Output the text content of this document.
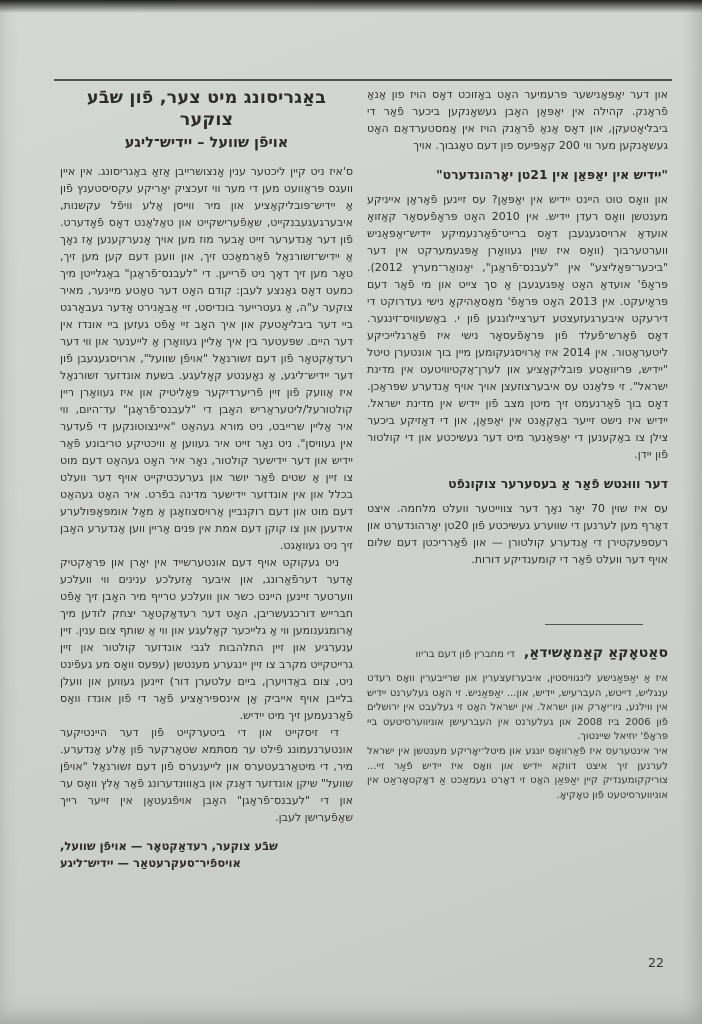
באַגריסונג מיט צער, פֿון שבֿע צוקער
אויפֿן שוועל – יידיש־ליגע

ס'איז ניט קיין ליכטער ענין אָנצושרייבן אַזאַ באַגריסונג. אין איין וועגס פּראַוועט מען די מער ווי זעכציק יאָריקע עקסיסטענץ פֿון אַ יידיש־פּובליקאַציע און מיר ווייסן אַלע וויפֿל עקשנות, איבערגעגעבנקייט, שאַפֿערישקייט און טאַלאַנט דאָס פֿאָדערט. פֿון דער אַנדערער זייט אָבער מוז מען אויך אָנערקענען אַז נאָך אַ יידיש־זשורנאַל פֿאַרמאַכט זיך, און וועגן דעם קען מען זיך, טאָר מען זיך דאָך ניט פֿרייען. די "לעבנס־פֿראַגן" באַגלייטן מיך כמעט דאָס גאַנצע לעבן: קודם האָט דער טאַטע מיינער, מאיר צוקער ע"ה, אַ געטרייער בונדיסט, זיי אַבאָנירט אָדער געבאָרגט ביי דער ביבליאָטעק און איך האָב זיי אָפֿט געזען ביי אונדז אין דער היים. שפּעטער בין איך אַליין געוואָרן אַ לייענער און ווי דער רעדאַקטאָר פֿון דעם זשורנאַל "אויפֿן שוועל", ארויסגעגעבן פֿון דער יידיש־ליגע, אַ נאָענטע קאָלעגע. בשעת אונדזער זשורנאַל איז אַוועק פֿון זיין פֿריערדיקער פּאָליטיק און איז געוואָרן ריין קולטורעל/ליטעראַריש האָבן די "לעבנס־פֿראַגן" עד־היום, ווי איר אַליין שרייבט, ניט מורא געהאַט "איינצוטונקען די פֿעדער אין געוויסן". ניט נאָר זייט איר געווען אַ וויכטיקע טריבונע פֿאַר יידיש און דער יידישער קולטור, נאָר איר האָט געהאַט דעם מוט צו זיין אַ שטים פֿאַר יושר און גערעכטיקייט אויף דער וועלט בכלל און אין אונדזער יידישער מדינה בפֿרט. איר האָט געהאַט דעם מוט און דעם רוקנביין אַרויסצוזאָגן אַ מאָל אומפּאָפּולערע אידעען און צו קוקן דעם אמת אין פּנים אַריין ווען אַנדערע האָבן זיך ניט געוואַגט.

ניט געקוקט אויף דעם אונטערשייד אין יאָרן און פּראַקטיק אָדער דערפֿאַרונג, און איבער אַזעלכע ענינים ווי וועלכע ווערטער זיינען היינט כשר און וועלכע טרייף מיר האָבן זיך אָפֿט חברייש דורכגעשריבן, האָט דער רעדאַקטאָר יצחק לודען מיך אַרומגענומען ווי אַ גלייכער קאָלעגע און ווי אַ שותף צום ענין. זיין ענערגיע און זיין התלהבות לגבי אונדזער קולטור און זיין גרייטקייט מקרב צו זיין יינגערע מענטשן (עפּעס וואָס מע געפֿינט ניט, צום באַדויערן, ביים עלטערן דור) זיינען געווען און וועלן בלייבן אויף אייביק אַן אינספּיראַציע פֿאַר די פֿון אונדז וואָס פֿאַרנעמען זיך מיט יידיש.

די זיסקייט און די ביטערקייט פֿון דער היינטיקער אונטערנעמונג פֿילט ער מסתּמא שטאַרקער פֿון אַלע אַנדערע. מיר, די מיטאַרבעטערס און לייענערס פֿון דעם זשורנאַל "אויפֿן שוועל" שיקן אונדזער דאַנק און באַוווּנדערונג פֿאַר אַלץ וואָס ער און די "לעבנס־פֿראַגן" האָבן אויפֿגעטאָן אין זייער רייך שאַפֿערישן לעבן.

שבֿע צוקער, רעדאַקטאָר — אויפֿן שוועל,
אויספֿיר־סעקרעטאַר — יידיש־ליגע

און דער יאַפּאַנישער פּרעמיער האָט באַזוכט דאָס הויז פון אַנאַ פֿראַנק. קהילה אין יאַפּאַן האָבן געשאָנקען ביכער פֿאַר די ביבליאָטעקן, און דאָס אַנאַ פֿראַנק הויז אין אַמסטערדאַם האָט געשאָנקען מער ווי 200 קאָפּיעס פון דעם טאָגבוך. אויך

"יידיש אין יאַפּאַן אין 21טן יאָרהונדערט"

און וואָס טוט היינט יידיש אין יאַפּאַן? עס זיינען פֿאַראַן אייניקע מענטשן וואָס רעדן יידיש. אין 2010 האָט פּראָפֿעסאָר קאַזואָ אועדאַ ארויסגעגעבן דאָס ברייט־פֿאַרנעמיקע יידיש־יאַפּאַניש ווערטערבוך (וואָס איז שוין געוואָרן אָפּגעמערקט אין דער "ביכער־פּאָליצע" אין "לעבנס־פֿראַגן", יאַנואַר־מערץ 2012). פּראָפֿ' אועדאַ האָט אָפּגעגעבן אַ סך צייט און מי פֿאַר דעם פּראָיעקט. אין 2013 האָט פּראָפֿ' מאַסאַהיקאָ נישי געדרוקט די דירעקט איבערגעזעצטע דערציילונגען פֿון י. באַשעוויס־זינגער. דאָס פֿאָרש־פֿעלד פֿון פּראָפֿעסאָר נישי איז פֿאַרגלייכיקע ליטעראַטור. אין 2014 איז אַרויסגעקומען מיין בוך אונטערן טיטל "יידיש, פּריוואַטע פּובליקאַציע און לערן־אַקטיוויטעט אין מדינת ישראל". זי פּלאַנט עס איבערצוזעצן אויך אויף אַנדערע שפּראַכן. דאָס בוך פֿאַרנעמט זיך מיטן מצב פֿון יידיש אין מדינת ישראל. יידיש איז נישט זייער באַקאַנט אין יאַפּאַן, און די דאָזיקע ביכער צילן צו באַקענען די יאַפּאַנער מיט דער געשיכטע און די קולטור פֿון יידן.

דער וווּנטש פֿאַר אַ בעסערער צוקונפֿט

עס איז שוין 70 יאָר נאָך דער צווייטער וועלט מלחמה. איצט דאַרף מען לערנען די שווערע געשיכטע פֿון 20טן יאָרהונדערט און רעספּעקטירן די אַנדערע קולטורן — און פֿאַרריכטן דעם שלום אויף דער וועלט פֿאַר די קומענדיקע דורות.

סאַטאָקאַ קאַמאָשידאַ, די מחברין פֿון דעם בריוו

איז אַ יאַפּאַנישע לינגוויסטין, איבערזעצערין און שרייבערין וואָס רעדט ענגליש, דייטש, העברעיש, יידיש, און... יאַפּאַניש. זי האָט געלערנט יידיש אין ווילנע, ניו־יאָרק און ישראל. אין ישראל האָט זי געלעבט אין ירושלים פֿון 2006 ביז 2008 און געלערנט אין העברעישן אוניווערסיטעט ביי פּראָפֿ' יחיאל שיינטוך.

איר אינטערעס איז פֿאַרוואָס יונגע און מיטל־יאָריקע מענטשן אין ישראל לערנען זיך איצט דווקא יידיש און וואָס איז יידיש פֿאַר זיי... צוריקקומענדיק קיין יאַפּאַן האָט זי דאָרט געמאַכט אַ דאָקטאָראַט אין אוניווערסיטעט פֿון טאָקיאָ.

22
